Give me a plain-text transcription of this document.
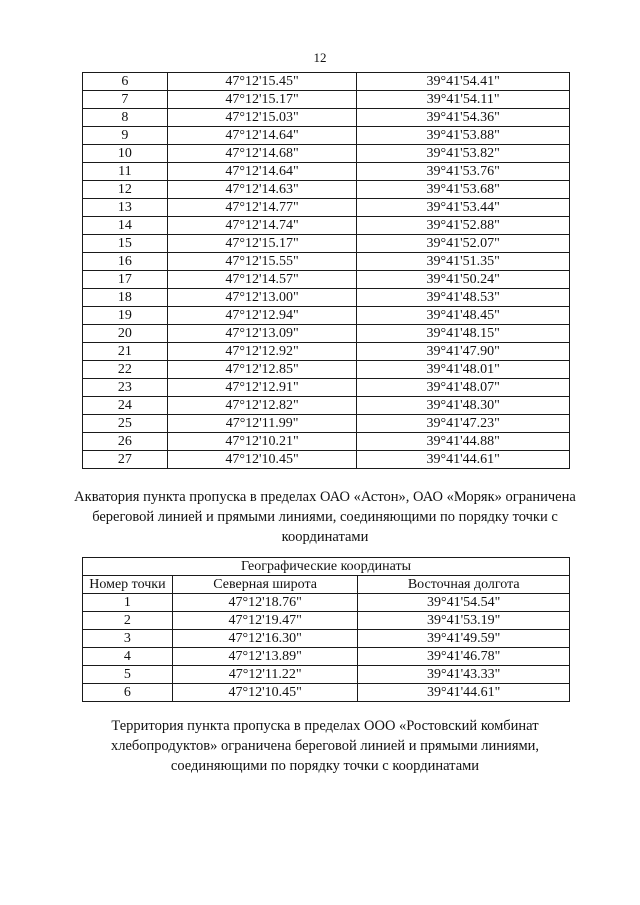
12
6	47°12'15.45"	39°41'54.41"
7	47°12'15.17"	39°41'54.11"
8	47°12'15.03"	39°41'54.36"
9	47°12'14.64"	39°41'53.88"
10	47°12'14.68"	39°41'53.82"
11	47°12'14.64"	39°41'53.76"
12	47°12'14.63"	39°41'53.68"
13	47°12'14.77"	39°41'53.44"
14	47°12'14.74"	39°41'52.88"
15	47°12'15.17"	39°41'52.07"
16	47°12'15.55"	39°41'51.35"
17	47°12'14.57"	39°41'50.24"
18	47°12'13.00"	39°41'48.53"
19	47°12'12.94"	39°41'48.45"
20	47°12'13.09"	39°41'48.15"
21	47°12'12.92"	39°41'47.90"
22	47°12'12.85"	39°41'48.01"
23	47°12'12.91"	39°41'48.07"
24	47°12'12.82"	39°41'48.30"
25	47°12'11.99"	39°41'47.23"
26	47°12'10.21"	39°41'44.88"
27	47°12'10.45"	39°41'44.61"
Акватория пункта пропуска в пределах ОАО «Астон», ОАО «Моряк» ограничена береговой линией и прямыми линиями, соединяющими по порядку точки с координатами
Географические координаты		
Номер точки	Северная широта	Восточная долгота
1	47°12'18.76"	39°41'54.54"
2	47°12'19.47"	39°41'53.19"
3	47°12'16.30"	39°41'49.59"
4	47°12'13.89"	39°41'46.78"
5	47°12'11.22"	39°41'43.33"
6	47°12'10.45"	39°41'44.61"
Территория пункта пропуска в пределах ООО «Ростовский комбинат хлебопродуктов» ограничена береговой линией и прямыми линиями, соединяющими по порядку точки с координатами
